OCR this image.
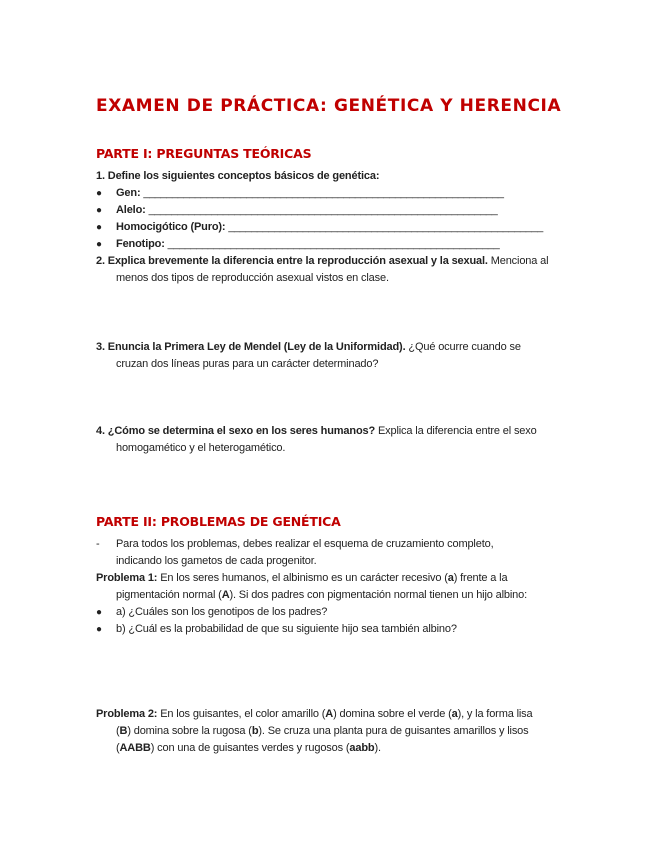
EXAMEN DE PRÁCTICA: GENÉTICA Y HERENCIA
PARTE I: PREGUNTAS TEÓRICAS
1. Define los siguientes conceptos básicos de genética:
● Gen: _______________________________________________________________
● Alelo: _____________________________________________________________
● Homocigótico (Puro): _______________________________________________________
● Fenotipo: __________________________________________________________
2. Explica brevemente la diferencia entre la reproducción asexual y la sexual. Menciona al
menos dos tipos de reproducción asexual vistos en clase.
3. Enuncia la Primera Ley de Mendel (Ley de la Uniformidad). ¿Qué ocurre cuando se
cruzan dos líneas puras para un carácter determinado?
4. ¿Cómo se determina el sexo en los seres humanos? Explica la diferencia entre el sexo
homogamético y el heterogamético.
PARTE II: PROBLEMAS DE GENÉTICA
- Para todos los problemas, debes realizar el esquema de cruzamiento completo,
indicando los gametos de cada progenitor.
Problema 1: En los seres humanos, el albinismo es un carácter recesivo (a) frente a la
pigmentación normal (A). Si dos padres con pigmentación normal tienen un hijo albino:
● a) ¿Cuáles son los genotipos de los padres?
● b) ¿Cuál es la probabilidad de que su siguiente hijo sea también albino?
Problema 2: En los guisantes, el color amarillo (A) domina sobre el verde (a), y la forma lisa
(B) domina sobre la rugosa (b). Se cruza una planta pura de guisantes amarillos y lisos
(AABB) con una de guisantes verdes y rugosos (aabb).
